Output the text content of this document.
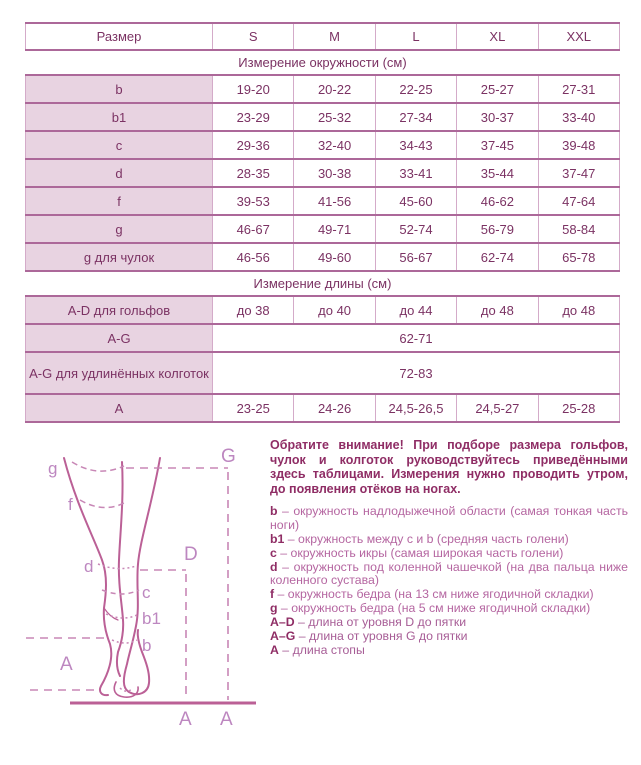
Размер	S	M	L	XL	XXL
Измерение окружности (см)					
b	19-20	20-22	22-25	25-27	27-31
b1	23-29	25-32	27-34	30-37	33-40
c	29-36	32-40	34-43	37-45	39-48
d	28-35	30-38	33-41	35-44	37-47
f	39-53	41-56	45-60	46-62	47-64
g	46-67	49-71	52-74	56-79	58-84
g для чулок	46-56	49-60	56-67	62-74	65-78
Измерение длины (см)					
A-D для гольфов	до 38	до 40	до 44	до 48	до 48
A-G	62-71				
A-G для удлинённых колготок	72-83				
A	23-25	24-26	24,5-26,5	24,5-27	25-28
g
G
f
d
D
c
b1
b
A
A A

Обратите внимание! При подборе размера гольфов, чулок и колготок руководствуйтесь приведёнными здесь таблицами. Измерения нужно проводить утром, до появления отёков на ногах.

b – окружность надлодыжечной области (самая тонкая часть ноги)
b1 – окружность между c и b (средняя часть голени)
c – окружность икры (самая широкая часть голени)
d – окружность под коленной чашечкой (на два пальца ниже коленного сустава)
f – окружность бедра (на 13 см ниже ягодичной складки)
g – окружность бедра (на 5 см ниже ягодичной складки)
A–D – длина от уровня D до пятки
A–G – длина от уровня G до пятки
A – длина стопы
